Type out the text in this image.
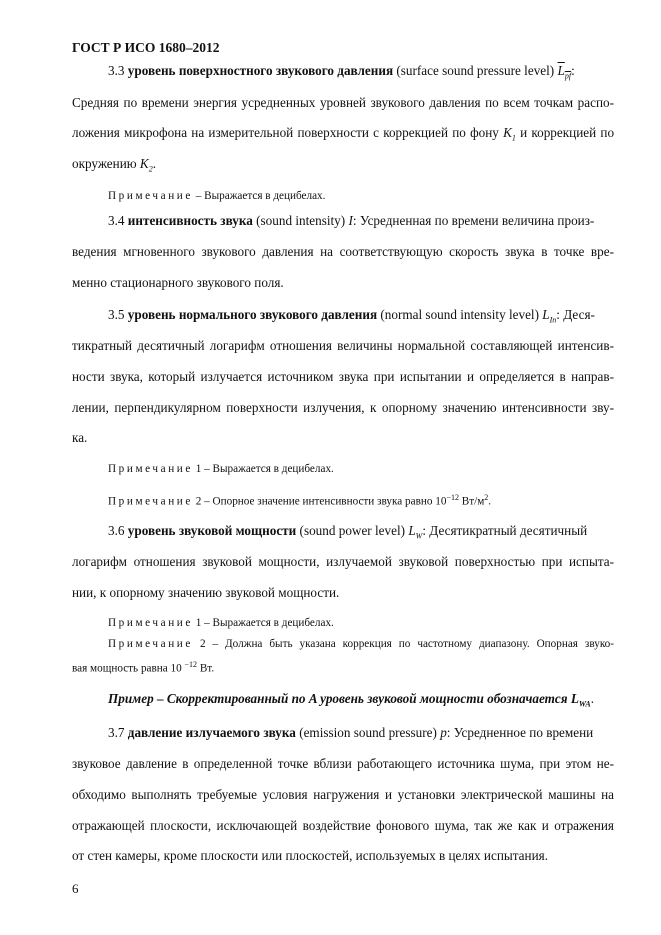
ГОСТ Р ИСО 1680–2012
3.3 уровень поверхностного звукового давления (surface sound pressure level) $L_{pf}$:
Средняя по времени энергия усредненных уровней звукового давления по всем точкам распо-
ложения микрофона на измерительной поверхности с коррекцией по фону $K_1$ и коррекцией по
окружению $K_2$.
Примечание – Выражается в децибелах.
3.4 интенсивность звука (sound intensity) I: Усредненная по времени величина произ-
ведения мгновенного звукового давления на соответствующую скорость звука в точке вре-
менно стационарного звукового поля.
3.5 уровень нормального звукового давления (normal sound intensity level) $L_{In}$: Деся-
тикратный десятичный логарифм отношения величины нормальной составляющей интенсив-
ности звука, который излучается источником звука при испытании и определяется в направ-
лении, перпендикулярном поверхности излучения, к опорному значению интенсивности зву-
ка.
Примечание 1 – Выражается в децибелах.
Примечание 2 – Опорное значение интенсивности звука равно $10^{-12}$ $Вт/м^2$.
3.6 уровень звуковой мощности (sound power level) $L_W$: Десятикратный десятичный
логарифм отношения звуковой мощности, излучаемой звуковой поверхностью при испыта-
нии, к опорному значению звуковой мощности.
Примечание 1 – Выражается в децибелах.
Примечание 2 – Должна быть указана коррекция по частотному диапазону. Опорная звуко-
вая мощность равна 10 $^{-12}$ Вт.
Пример – Скорректированный по A уровень звуковой мощности обозначается $L_{WA}$.
3.7 давление излучаемого звука (emission sound pressure) p: Усредненное по времени
звуковое давление в определенной точке вблизи работающего источника шума, при этом не-
обходимо выполнять требуемые условия нагружения и установки электрической машины на
отражающей плоскости, исключающей воздействие фонового шума, так же как и отражения
от стен камеры, кроме плоскости или плоскостей, используемых в целях испытания.
6
